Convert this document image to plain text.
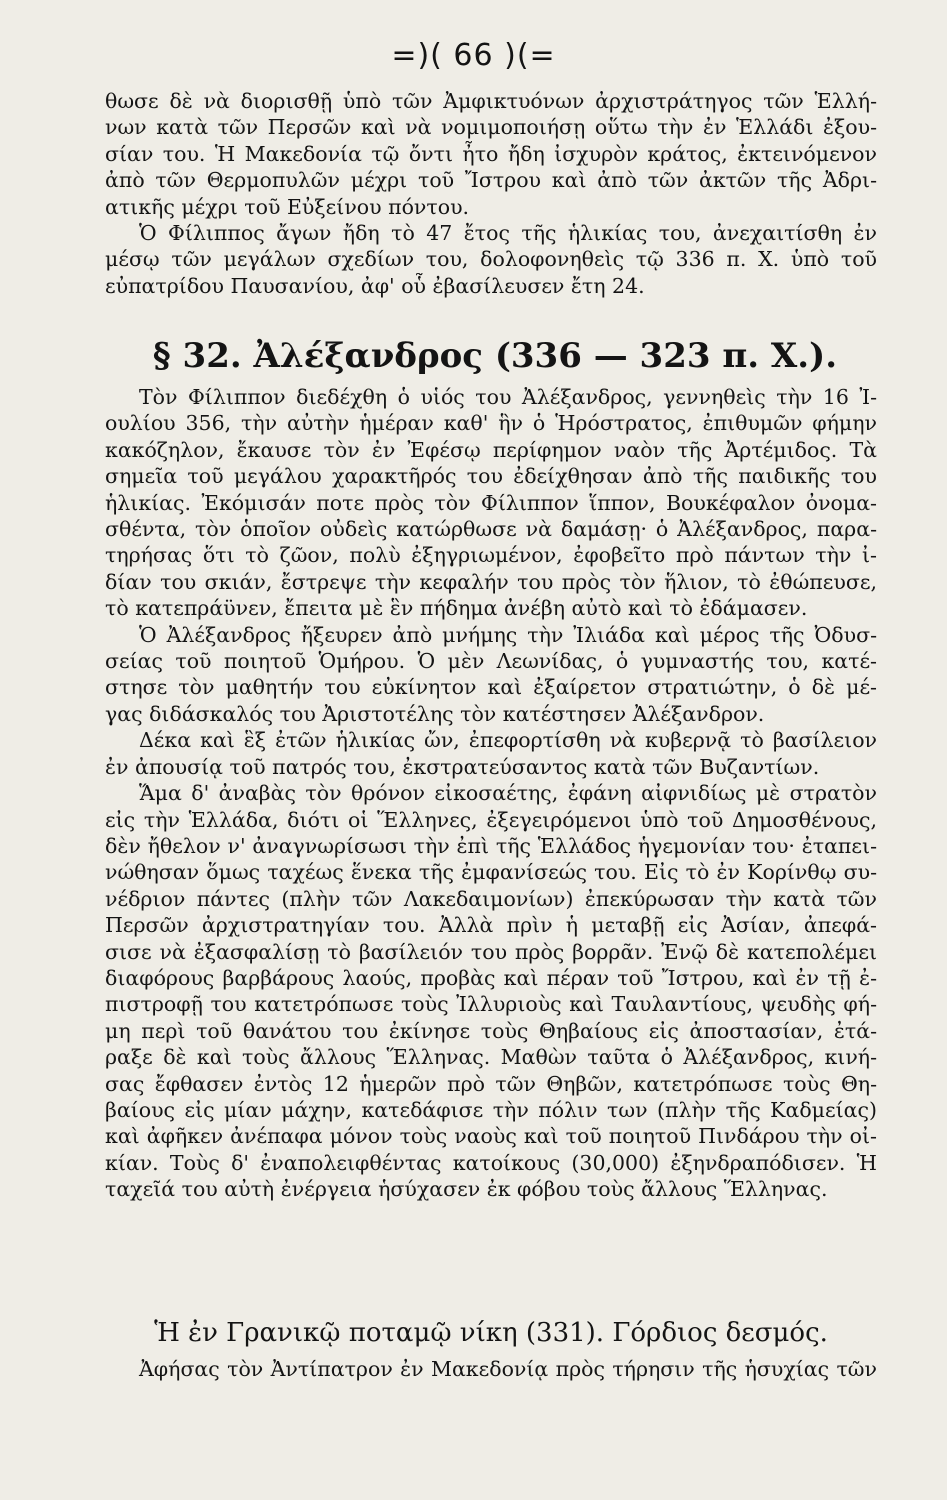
=)( 66 )(=
θωσε δὲ νὰ διορισθῇ ὑπὸ τῶν Ἀμφικτυόνων ἀρχιστράτηγος τῶν Ἑλλή-
νων κατὰ τῶν Περσῶν καὶ νὰ νομιμοποιήσῃ οὕτω τὴν ἐν Ἑλλάδι ἐξου-
σίαν του. Ἡ Μακεδονία τῷ ὄντι ἦτο ἤδη ἰσχυρὸν κράτος, ἐκτεινόμενον
ἀπὸ τῶν Θερμοπυλῶν μέχρι τοῦ Ἴστρου καὶ ἀπὸ τῶν ἀκτῶν τῆς Ἀδρι-
ατικῆς μέχρι τοῦ Εὐξείνου πόντου.
Ὁ Φίλιππος ἄγων ἤδη τὸ 47 ἔτος τῆς ἡλικίας του, ἀνεχαιτίσθη ἐν
μέσῳ τῶν μεγάλων σχεδίων του, δολοφονηθεὶς τῷ 336 π. Χ. ὑπὸ τοῦ
εὐπατρίδου Παυσανίου, ἀφ' οὗ ἐβασίλευσεν ἔτη 24.
§ 32. Ἀλέξανδρος (336 — 323 π. Χ.).
Τὸν Φίλιππον διεδέχθη ὁ υἱός του Ἀλέξανδρος, γεννηθεὶς τὴν 16 Ἰ-
ουλίου 356, τὴν αὐτὴν ἡμέραν καθ' ἣν ὁ Ἡρόστρατος, ἐπιθυμῶν φήμην
κακόζηλον, ἔκαυσε τὸν ἐν Ἐφέσῳ περίφημον ναὸν τῆς Ἀρτέμιδος. Τὰ
σημεῖα τοῦ μεγάλου χαρακτῆρός του ἐδείχθησαν ἀπὸ τῆς παιδικῆς του
ἡλικίας. Ἐκόμισάν ποτε πρὸς τὸν Φίλιππον ἵππον, Βουκέφαλον ὀνομα-
σθέντα, τὸν ὁποῖον οὐδεὶς κατώρθωσε νὰ δαμάσῃ· ὁ Ἀλέξανδρος, παρα-
τηρήσας ὅτι τὸ ζῶον, πολὺ ἐξηγριωμένον, ἐφοβεῖτο πρὸ πάντων τὴν ἰ-
δίαν του σκιάν, ἔστρεψε τὴν κεφαλήν του πρὸς τὸν ἥλιον, τὸ ἐθώπευσε,
τὸ κατεπράϋνεν, ἔπειτα μὲ ἓν πήδημα ἀνέβη αὐτὸ καὶ τὸ ἐδάμασεν.
Ὁ Ἀλέξανδρος ἤξευρεν ἀπὸ μνήμης τὴν Ἰλιάδα καὶ μέρος τῆς Ὀδυσ-
σείας τοῦ ποιητοῦ Ὁμήρου. Ὁ μὲν Λεωνίδας, ὁ γυμναστής του, κατέ-
στησε τὸν μαθητήν του εὐκίνητον καὶ ἐξαίρετον στρατιώτην, ὁ δὲ μέ-
γας διδάσκαλός του Ἀριστοτέλης τὸν κατέστησεν Ἀλέξανδρον.
Δέκα καὶ ἓξ ἐτῶν ἡλικίας ὤν, ἐπεφορτίσθη νὰ κυβερνᾷ τὸ βασίλειον
ἐν ἀπουσίᾳ τοῦ πατρός του, ἐκστρατεύσαντος κατὰ τῶν Βυζαντίων.
Ἅμα δ' ἀναβὰς τὸν θρόνον εἰκοσαέτης, ἐφάνη αἰφνιδίως μὲ στρατὸν
εἰς τὴν Ἑλλάδα, διότι οἱ Ἕλληνες, ἐξεγειρόμενοι ὑπὸ τοῦ Δημοσθένους,
δὲν ἤθελον ν' ἀναγνωρίσωσι τὴν ἐπὶ τῆς Ἑλλάδος ἡγεμονίαν του· ἐταπει-
νώθησαν ὅμως ταχέως ἕνεκα τῆς ἐμφανίσεώς του. Εἰς τὸ ἐν Κορίνθῳ συ-
νέδριον πάντες (πλὴν τῶν Λακεδαιμονίων) ἐπεκύρωσαν τὴν κατὰ τῶν
Περσῶν ἀρχιστρατηγίαν του. Ἀλλὰ πρὶν ἡ μεταβῇ εἰς Ἀσίαν, ἀπεφά-
σισε νὰ ἐξασφαλίσῃ τὸ βασίλειόν του πρὸς βορρᾶν. Ἐνῷ δὲ κατεπολέμει
διαφόρους βαρβάρους λαούς, προβὰς καὶ πέραν τοῦ Ἴστρου, καὶ ἐν τῇ ἐ-
πιστροφῇ του κατετρόπωσε τοὺς Ἰλλυριοὺς καὶ Ταυλαντίους, ψευδὴς φή-
μη περὶ τοῦ θανάτου του ἐκίνησε τοὺς Θηβαίους εἰς ἀποστασίαν, ἐτά-
ραξε δὲ καὶ τοὺς ἄλλους Ἕλληνας. Μαθὼν ταῦτα ὁ Ἀλέξανδρος, κινή-
σας ἔφθασεν ἐντὸς 12 ἡμερῶν πρὸ τῶν Θηβῶν, κατετρόπωσε τοὺς Θη-
βαίους εἰς μίαν μάχην, κατεδάφισε τὴν πόλιν των (πλὴν τῆς Καδμείας)
καὶ ἀφῆκεν ἀνέπαφα μόνον τοὺς ναοὺς καὶ τοῦ ποιητοῦ Πινδάρου τὴν οἰ-
κίαν. Τοὺς δ' ἐναπολειφθέντας κατοίκους (30,000) ἐξηνδραπόδισεν. Ἡ
ταχεῖά του αὐτὴ ἐνέργεια ἡσύχασεν ἐκ φόβου τοὺς ἄλλους Ἕλληνας.
Ἡ ἐν Γρανικῷ ποταμῷ νίκη (331). Γόρδιος δεσμός.
Ἀφήσας τὸν Ἀντίπατρον ἐν Μακεδονίᾳ πρὸς τήρησιν τῆς ἡσυχίας τῶν
